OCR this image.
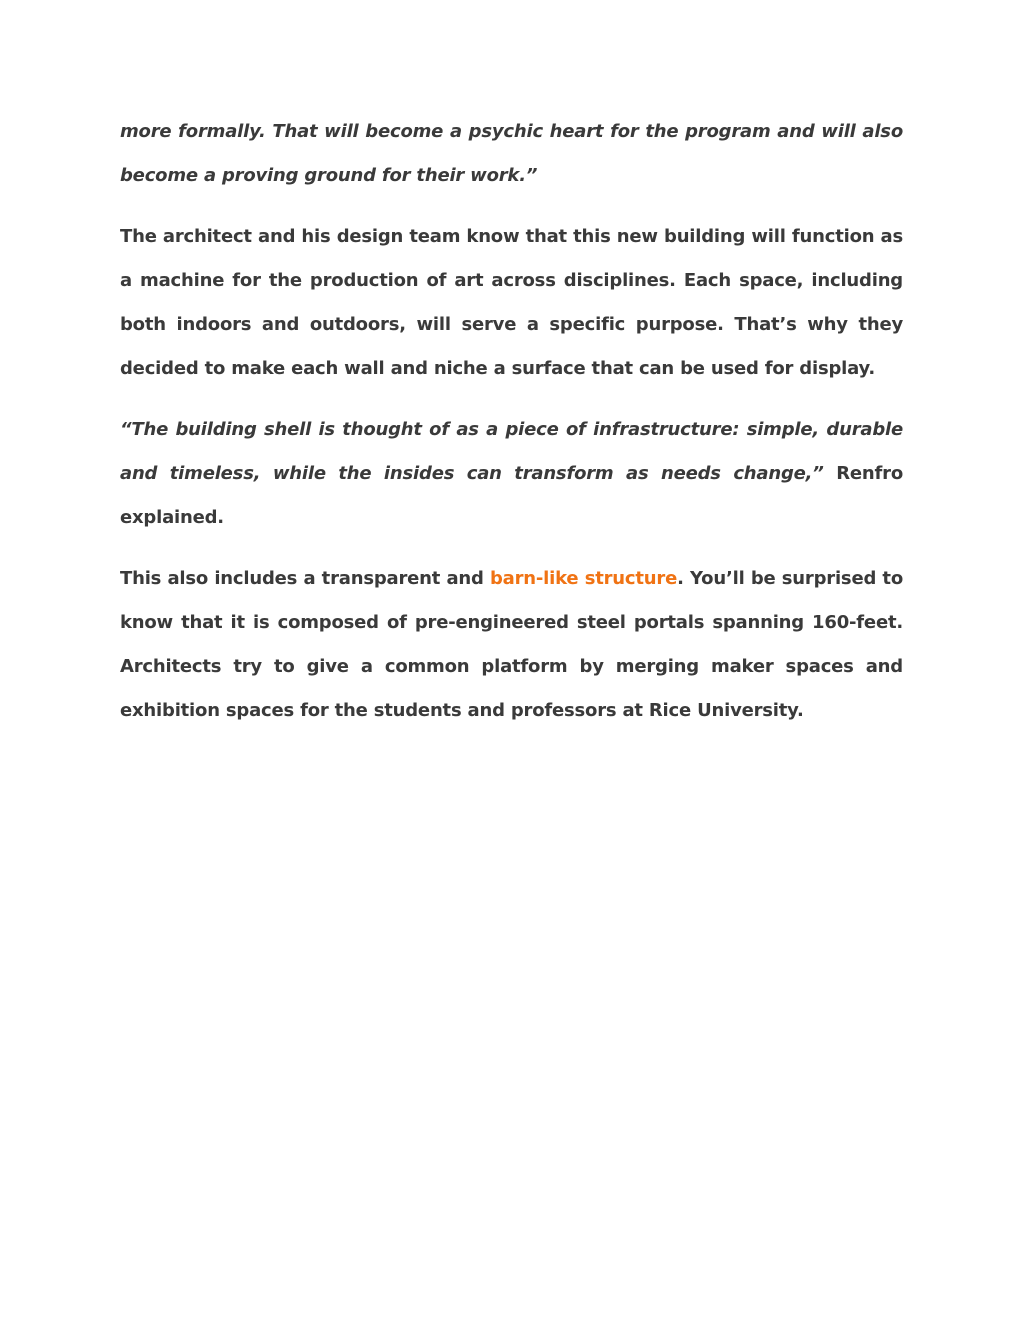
more formally. That will become a psychic heart for the program and will also become a proving ground for their work.”

The architect and his design team know that this new building will function as a machine for the production of art across disciplines. Each space, including both indoors and outdoors, will serve a specific purpose. That’s why they decided to make each wall and niche a surface that can be used for display.

“The building shell is thought of as a piece of infrastructure: simple, durable and timeless, while the insides can transform as needs change,” Renfro explained.

This also includes a transparent and barn-like structure. You’ll be surprised to know that it is composed of pre-engineered steel portals spanning 160-feet. Architects try to give a common platform by merging maker spaces and exhibition spaces for the students and professors at Rice University.
